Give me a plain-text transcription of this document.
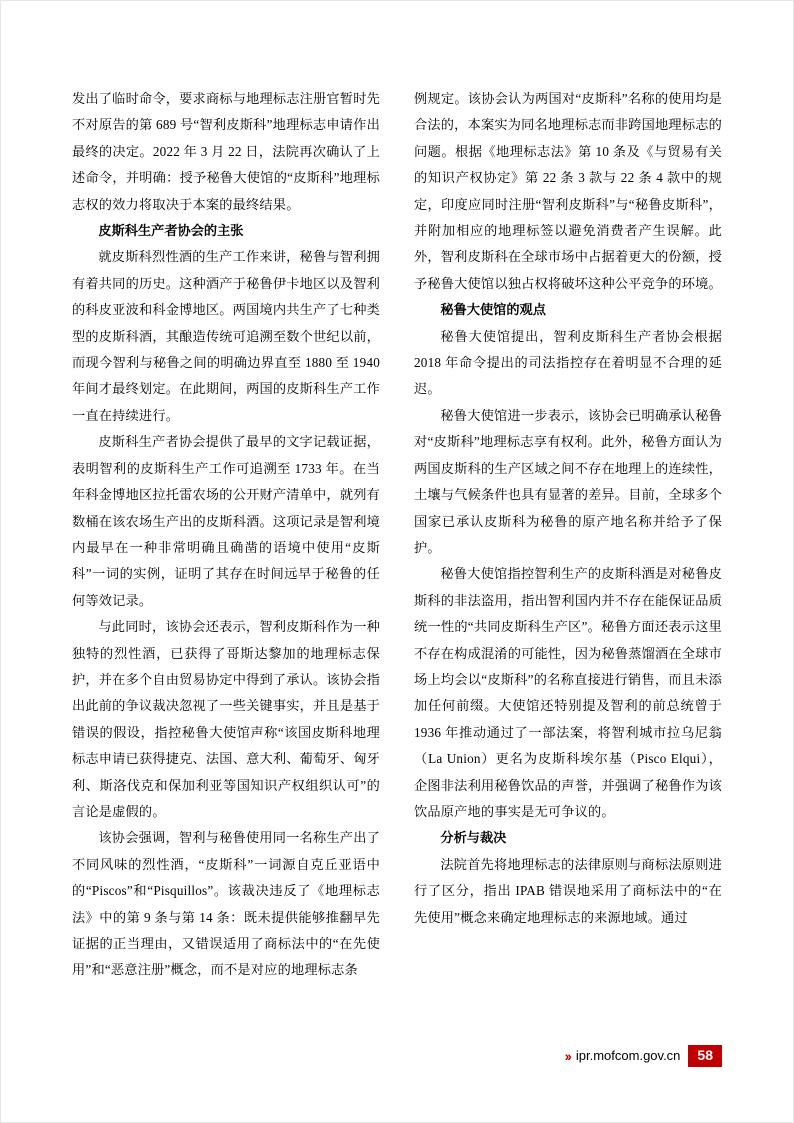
发出了临时命令，要求商标与地理标志注册官暂时先不对原告的第 689 号“智利皮斯科”地理标志申请作出最终的决定。2022 年 3 月 22 日，法院再次确认了上述命令，并明确：授予秘鲁大使馆的“皮斯科”地理标志权的效力将取决于本案的最终结果。

皮斯科生产者协会的主张

就皮斯科烈性酒的生产工作来讲，秘鲁与智利拥有着共同的历史。这种酒产于秘鲁伊卡地区以及智利的科皮亚波和科金博地区。两国境内共生产了七种类型的皮斯科酒，其酿造传统可追溯至数个世纪以前，而现今智利与秘鲁之间的明确边界直至 1880 至 1940 年间才最终划定。在此期间，两国的皮斯科生产工作一直在持续进行。

皮斯科生产者协会提供了最早的文字记载证据，表明智利的皮斯科生产工作可追溯至 1733 年。在当年科金博地区拉托雷农场的公开财产清单中，就列有数桶在该农场生产出的皮斯科酒。这项记录是智利境内最早在一种非常明确且确凿的语境中使用“皮斯科”一词的实例，证明了其存在时间远早于秘鲁的任何等效记录。

与此同时，该协会还表示，智利皮斯科作为一种独特的烈性酒，已获得了哥斯达黎加的地理标志保护，并在多个自由贸易协定中得到了承认。该协会指出此前的争议裁决忽视了一些关键事实，并且是基于错误的假设，指控秘鲁大使馆声称“该国皮斯科地理标志申请已获得捷克、法国、意大利、葡萄牙、匈牙利、斯洛伐克和保加利亚等国知识产权组织认可”的言论是虚假的。

该协会强调，智利与秘鲁使用同一名称生产出了不同风味的烈性酒，“皮斯科”一词源自克丘亚语中的“Piscos”和“Pisquillos”。该裁决违反了《地理标志法》中的第 9 条与第 14 条：既未提供能够推翻早先证据的正当理由，又错误适用了商标法中的“在先使用”和“恶意注册”概念，而不是对应的地理标志条

例规定。该协会认为两国对“皮斯科”名称的使用均是合法的，本案实为同名地理标志而非跨国地理标志的问题。根据《地理标志法》第 10 条及《与贸易有关的知识产权协定》第 22 条 3 款与 22 条 4 款中的规定，印度应同时注册“智利皮斯科”与“秘鲁皮斯科”，并附加相应的地理标签以避免消费者产生误解。此外，智利皮斯科在全球市场中占据着更大的份额，授予秘鲁大使馆以独占权将破坏这种公平竞争的环境。

秘鲁大使馆的观点

秘鲁大使馆提出，智利皮斯科生产者协会根据 2018 年命令提出的司法指控存在着明显不合理的延迟。

秘鲁大使馆进一步表示，该协会已明确承认秘鲁对“皮斯科”地理标志享有权利。此外，秘鲁方面认为两国皮斯科的生产区域之间不存在地理上的连续性，土壤与气候条件也具有显著的差异。目前，全球多个国家已承认皮斯科为秘鲁的原产地名称并给予了保护。

秘鲁大使馆指控智利生产的皮斯科酒是对秘鲁皮斯科的非法盗用，指出智利国内并不存在能保证品质统一性的“共同皮斯科生产区”。秘鲁方面还表示这里不存在构成混淆的可能性，因为秘鲁蒸馏酒在全球市场上均会以“皮斯科”的名称直接进行销售，而且未添加任何前缀。大使馆还特别提及智利的前总统曾于 1936 年推动通过了一部法案，将智利城市拉乌尼翁（La Union）更名为皮斯科埃尔基（Pisco Elqui），企图非法利用秘鲁饮品的声誉，并强调了秘鲁作为该饮品原产地的事实是无可争议的。

分析与裁决

法院首先将地理标志的法律原则与商标法原则进行了区分，指出 IPAB 错误地采用了商标法中的“在先使用”概念来确定地理标志的来源地域。通过

›› ipr.mofcom.gov.cn	58
